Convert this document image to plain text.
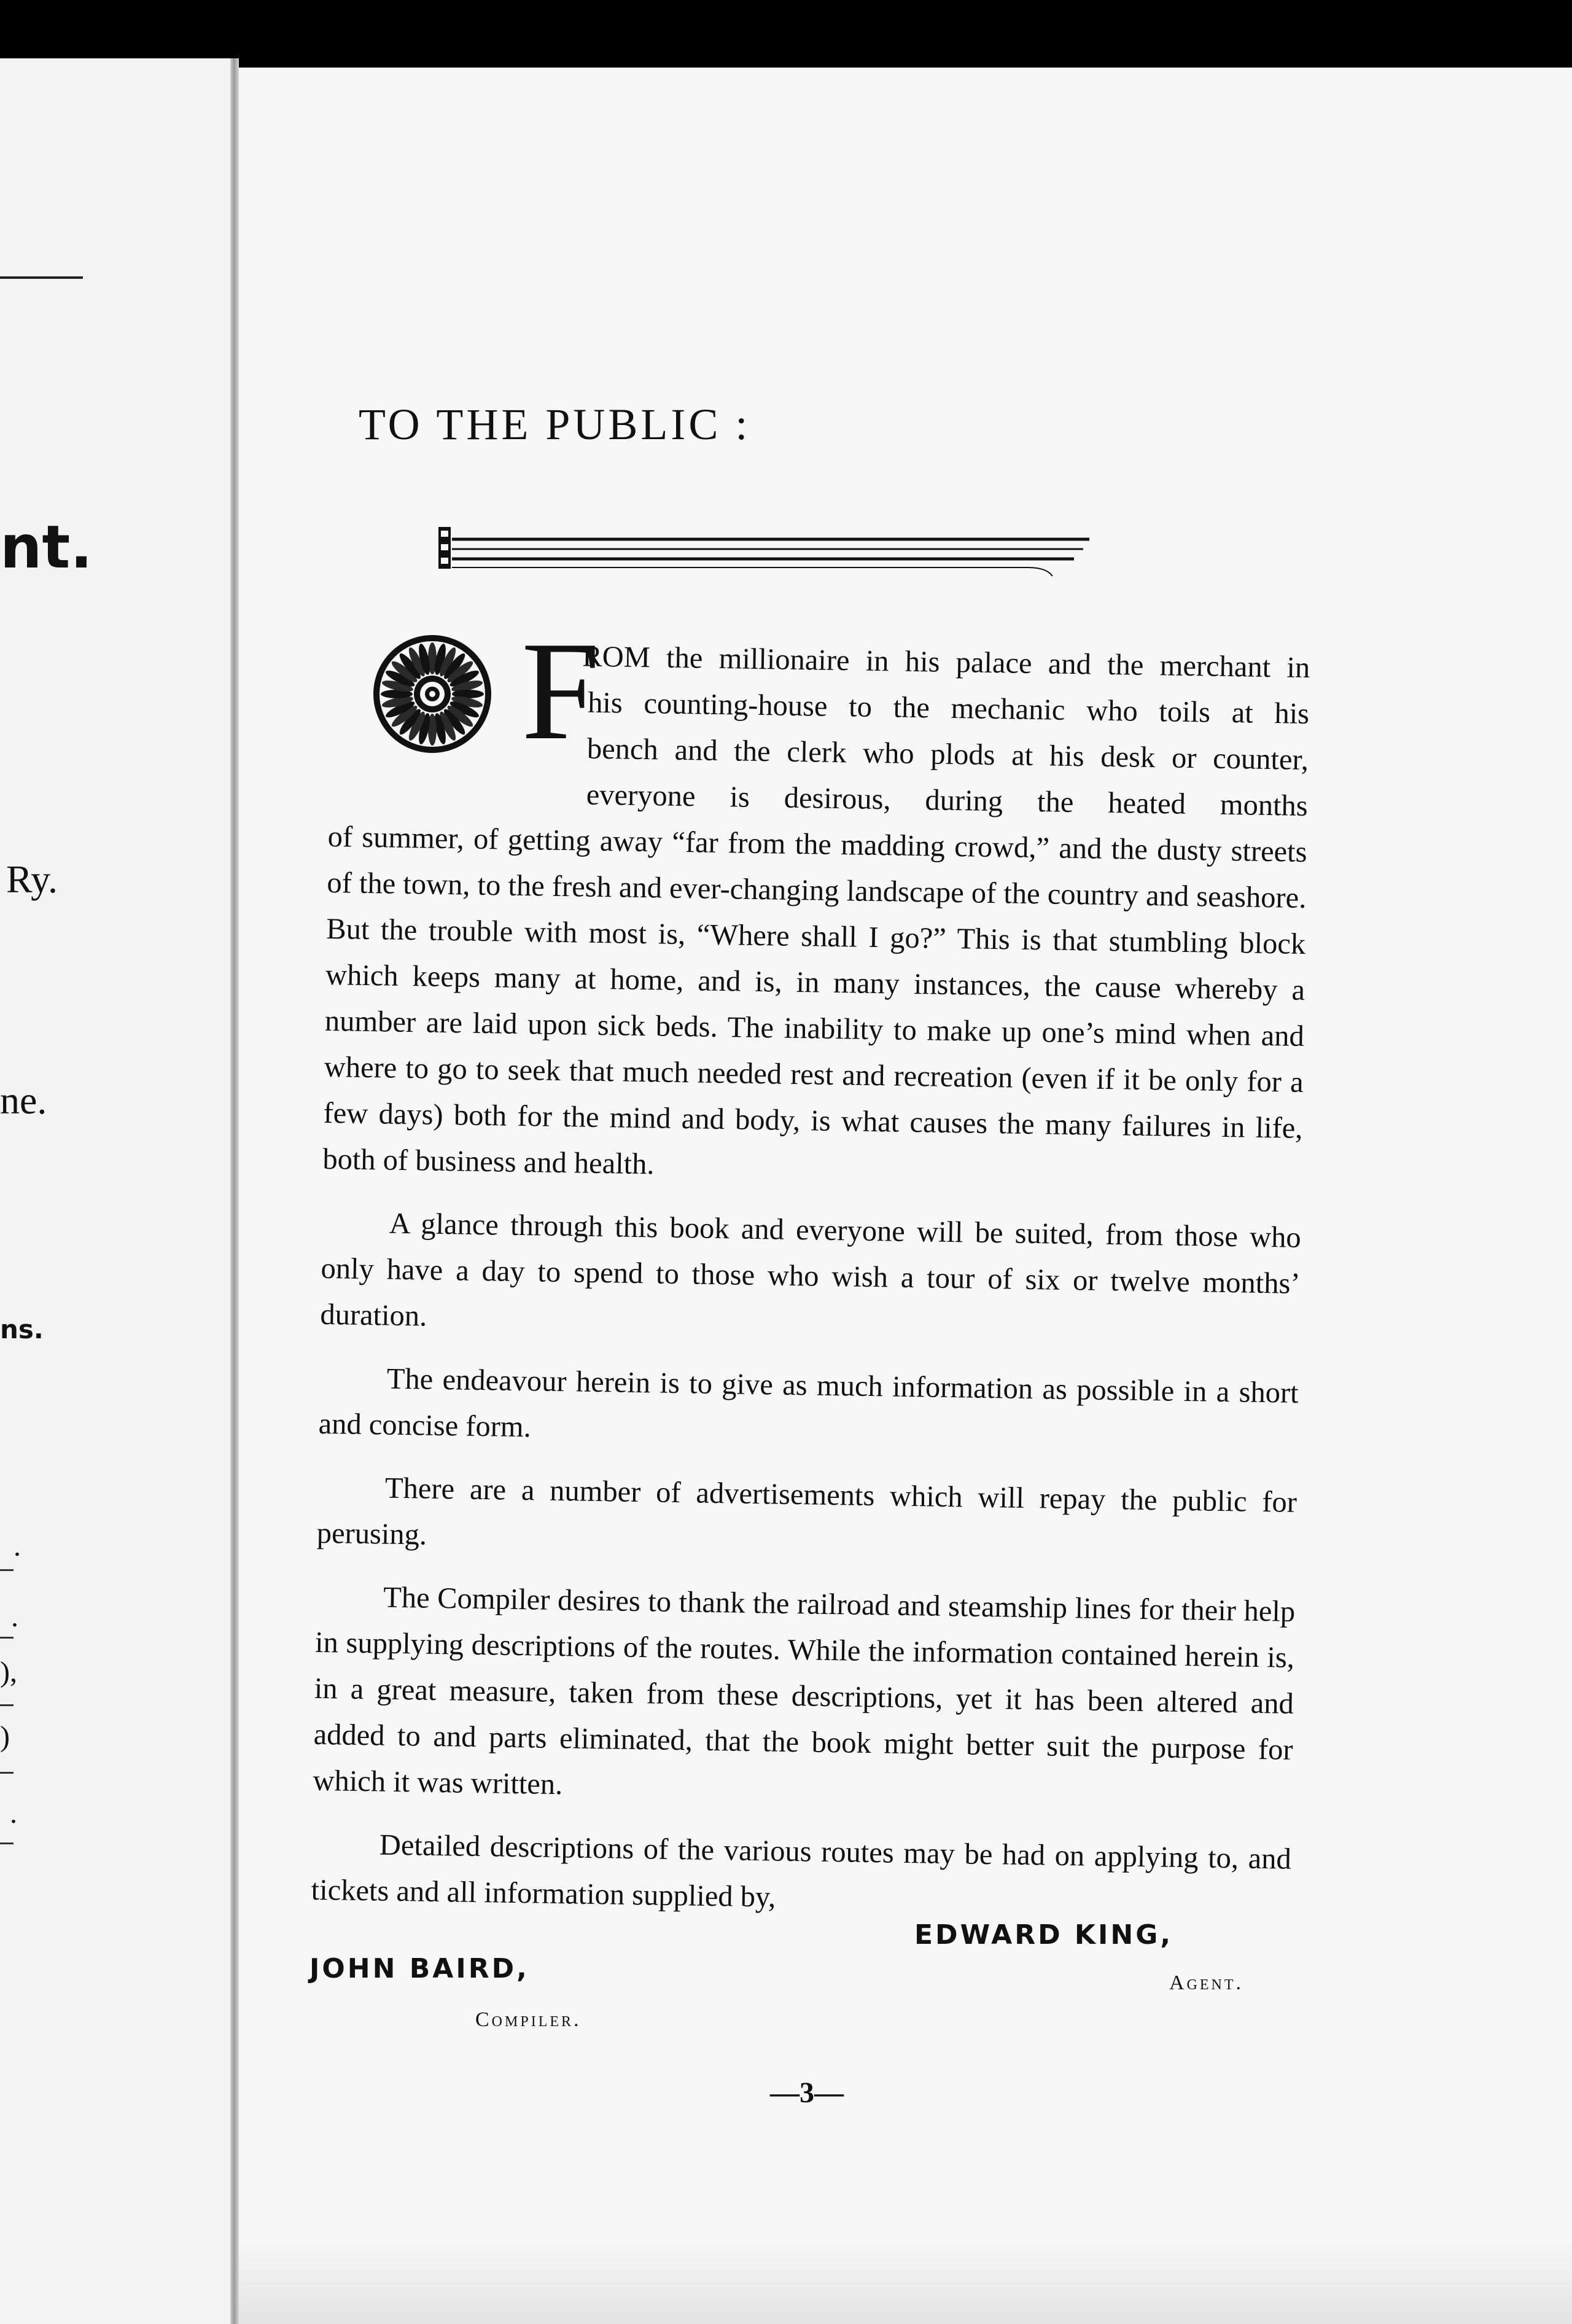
nt.
Ry.
ne.
ns.
.
.
),
)
.
TO THE PUBLIC :
F
ROM the millionaire in his palace and the merchant in
his counting-house to the mechanic who toils at his
bench and the clerk who plods at his desk or counter,
everyone is desirous, during the heated months

of summer, of getting away “far from the madding crowd,” and the dusty streets of the town, to the fresh and ever-changing landscape of the country and seashore. But the trouble with most is, “Where shall I go?” This is that stumbling block which keeps many at home, and is, in many instances, the cause whereby a number are laid upon sick beds. The inability to make up one’s mind when and where to go to seek that much needed rest and recreation (even if it be only for a few days) both for the mind and body, is what causes the many failures in life, both of business and health.

A glance through this book and everyone will be suited, from those who only have a day to spend to those who wish a tour of six or twelve months’ duration.

The endeavour herein is to give as much information as possible in a short and concise form.

There are a number of advertisements which will repay the public for perusing.

The Compiler desires to thank the railroad and steamship lines for their help in supplying descriptions of the routes. While the information contained herein is, in a great measure, taken from these descriptions, yet it has been altered and added to and parts eliminated, that the book might better suit the purpose for which it was written.

Detailed descriptions of the various routes may be had on applying to, and tickets and all information supplied by,

EDWARD KING,
Agent.
JOHN BAIRD,
Compiler.
—3—
